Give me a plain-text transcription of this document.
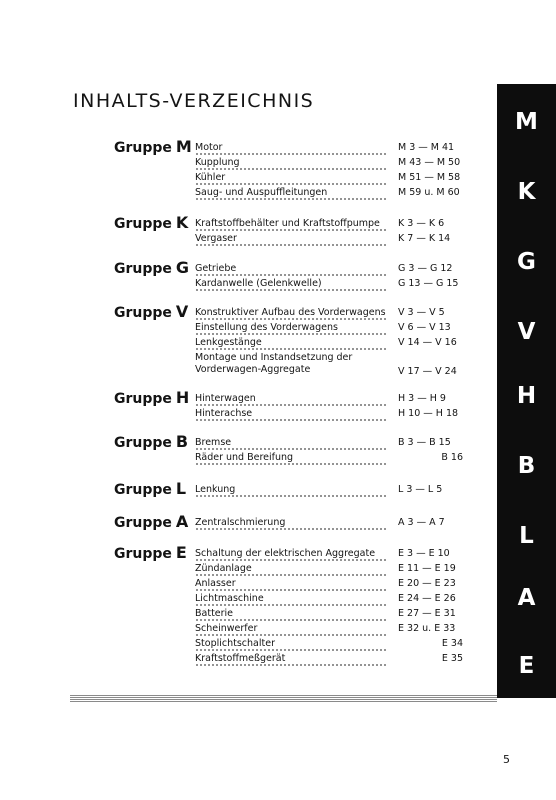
INHALTS-VERZEICHNIS
M
K
G
V
H
B
L
A
E
Gruppe M Motor	M 3 — M 41
Kupplung	M 43 — M 50
Kühler	M 51 — M 58
Saug- und Auspuffleitungen	M 59 u. M 60
Gruppe K Kraftstoffbehälter und Kraftstoffpumpe	K 3 — K 6
Vergaser	K 7 — K 14
Gruppe G Getriebe	G 3 — G 12
Kardanwelle (Gelenkwelle)	G 13 — G 15
Gruppe V Konstruktiver Aufbau des Vorderwagens V 3 — V 5
Einstellung des Vorderwagens	V 6 — V 13
Lenkgestänge	V 14 — V 16
Montage und Instandsetzung der Vorderwagen-Aggregate	V 17 — V 24
Gruppe H Hinterwagen	H 3 — H 9
Hinterachse	H 10 — H 18
Gruppe B Bremse	B 3 — B 15
Räder und Bereifung	B 16
Gruppe L Lenkung	L 3 — L 5
Gruppe A Zentralschmierung	A 3 — A 7
Gruppe E Schaltung der elektrischen Aggregate	E 3 — E 10
Zündanlage	E 11 — E 19
Anlasser	E 20 — E 23
Lichtmaschine	E 24 — E 26
Batterie	E 27 — E 31
Scheinwerfer	E 32 u. E 33
Stoplichtschalter	E 34
Kraftstoffmeßgerät	E 35
5
